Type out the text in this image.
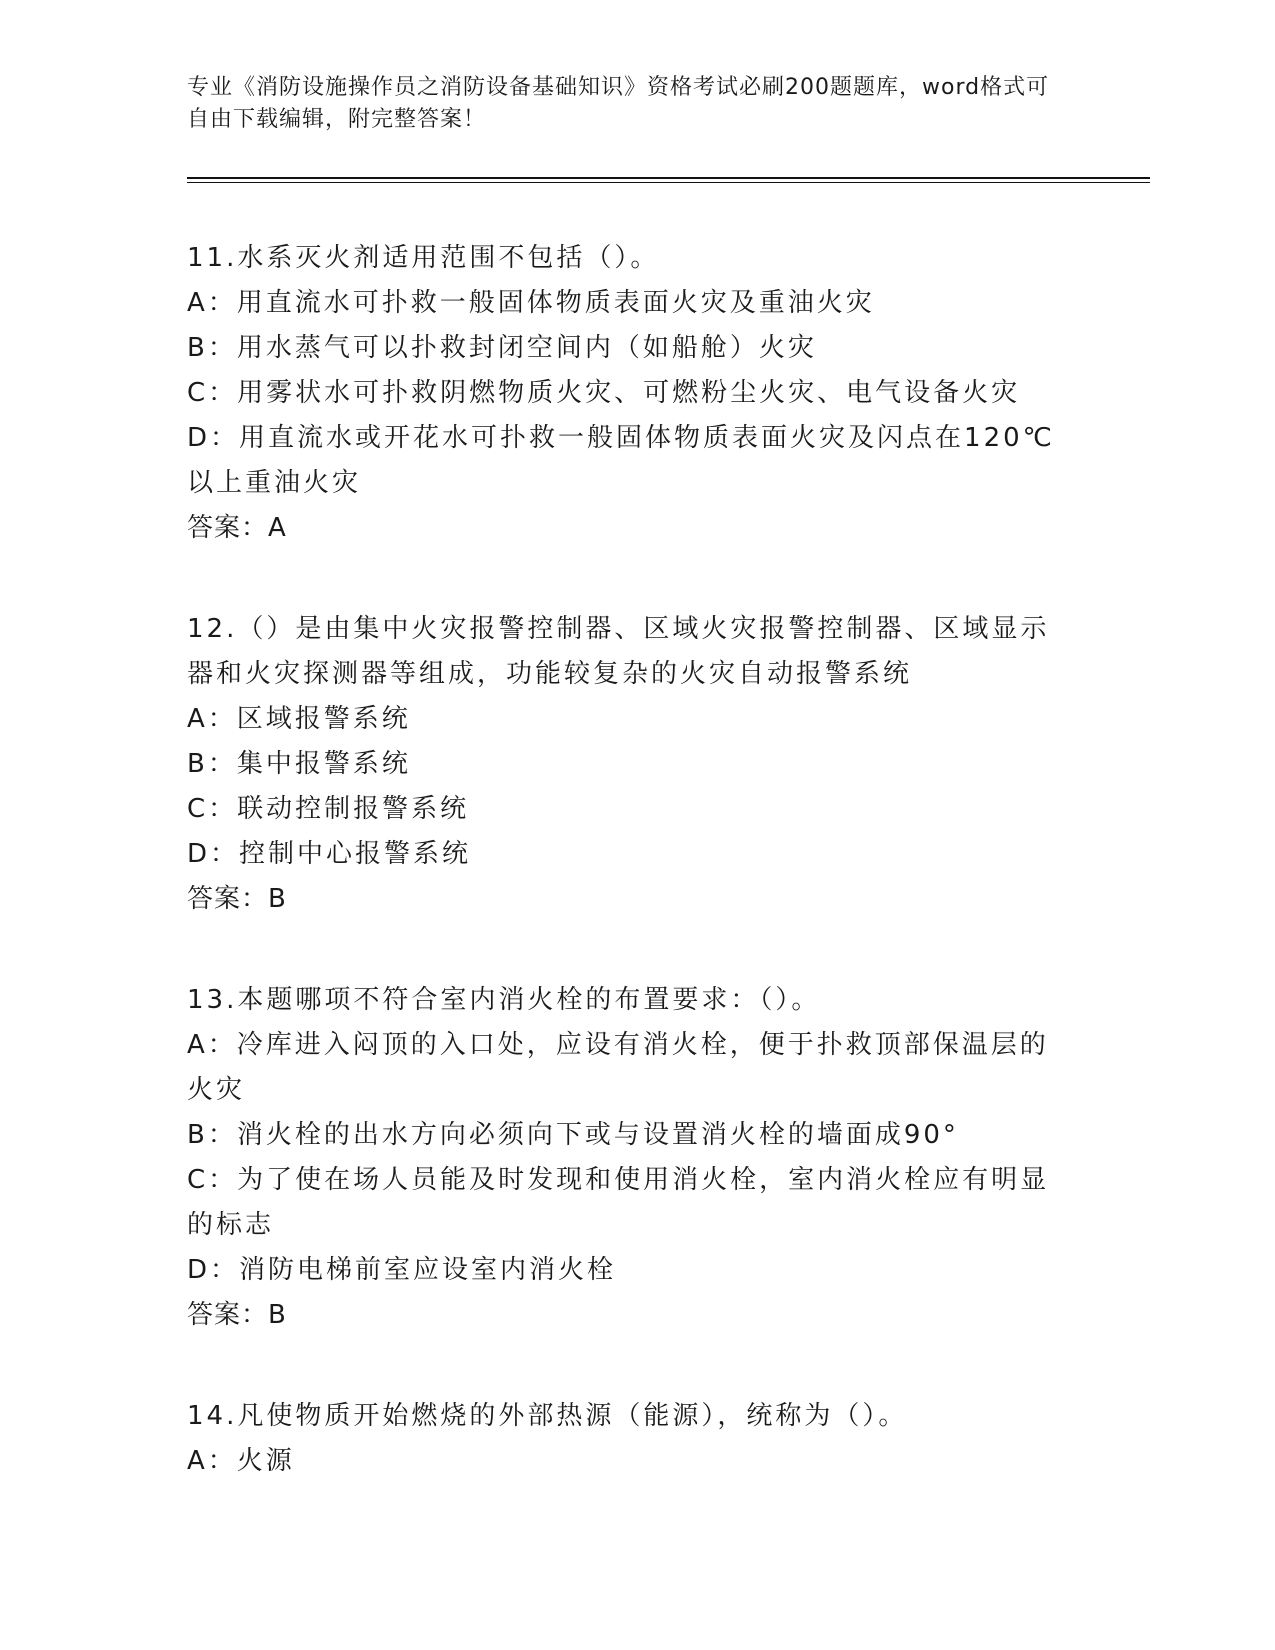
专业《消防设施操作员之消防设备基础知识》资格考试必刷200题题库，word格式可自由下载编辑，附完整答案！
11.水系灭火剂适用范围不包括（）。
A：用直流水可扑救一般固体物质表面火灾及重油火灾
B：用水蒸气可以扑救封闭空间内（如船舱）火灾
C：用雾状水可扑救阴燃物质火灾、可燃粉尘火灾、电气设备火灾
D：用直流水或开花水可扑救一般固体物质表面火灾及闪点在120℃以上重油火灾
答案：A
12.（）是由集中火灾报警控制器、区域火灾报警控制器、区域显示器和火灾探测器等组成，功能较复杂的火灾自动报警系统
A：区域报警系统
B：集中报警系统
C：联动控制报警系统
D：控制中心报警系统
答案：B
13.本题哪项不符合室内消火栓的布置要求：（）。
A：冷库进入闷顶的入口处，应设有消火栓，便于扑救顶部保温层的火灾
B：消火栓的出水方向必须向下或与设置消火栓的墙面成90°
C：为了使在场人员能及时发现和使用消火栓，室内消火栓应有明显的标志
D：消防电梯前室应设室内消火栓
答案：B
14.凡使物质开始燃烧的外部热源（能源），统称为（）。
A：火源
